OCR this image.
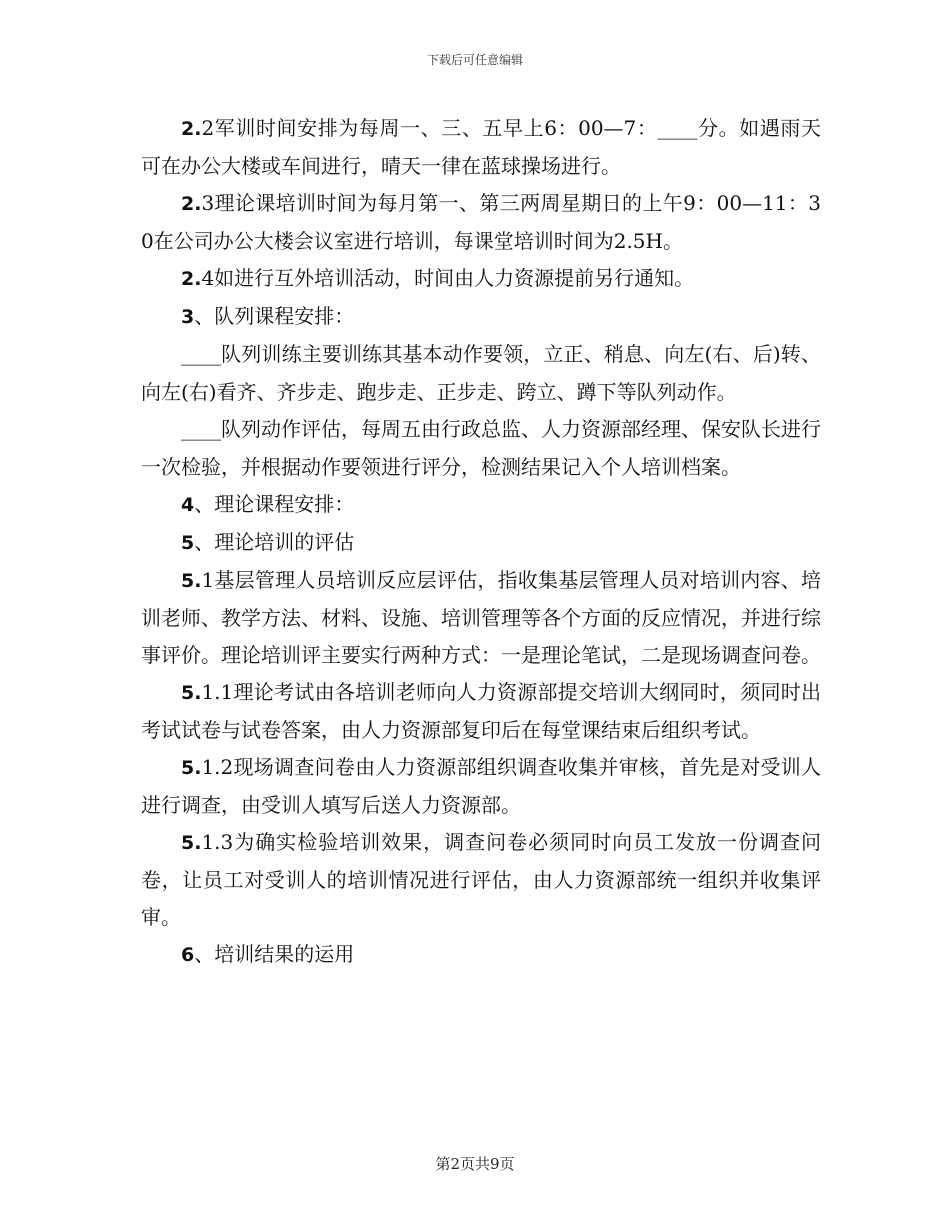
下载后可任意编辑

2.2军训时间安排为每周一、三、五早上6：00—7：____分。如遇雨天可在办公大楼或车间进行，晴天一律在蓝球操场进行。

2.3理论课培训时间为每月第一、第三两周星期日的上午9：00—11：30在公司办公大楼会议室进行培训，每课堂培训时间为2.5H。

2.4如进行互外培训活动，时间由人力资源提前另行通知。

3、队列课程安排：

____队列训练主要训练其基本动作要领，立正、稍息、向左(右、后)转、向左(右)看齐、齐步走、跑步走、正步走、跨立、蹲下等队列动作。

____队列动作评估，每周五由行政总监、人力资源部经理、保安队长进行一次检验，并根据动作要领进行评分，检测结果记入个人培训档案。

4、理论课程安排：

5、理论培训的评估

5.1基层管理人员培训反应层评估，指收集基层管理人员对培训内容、培训老师、教学方法、材料、设施、培训管理等各个方面的反应情况，并进行综事评价。理论培训评主要实行两种方式：一是理论笔试，二是现场调查问卷。

5.1.1理论考试由各培训老师向人力资源部提交培训大纲同时，须同时出考试试卷与试卷答案，由人力资源部复印后在每堂课结束后组织考试。

5.1.2现场调查问卷由人力资源部组织调查收集并审核，首先是对受训人进行调查，由受训人填写后送人力资源部。

5.1.3为确实检验培训效果，调查问卷必须同时向员工发放一份调查问卷，让员工对受训人的培训情况进行评估，由人力资源部统一组织并收集评审。

6、培训结果的运用

第2页共9页
